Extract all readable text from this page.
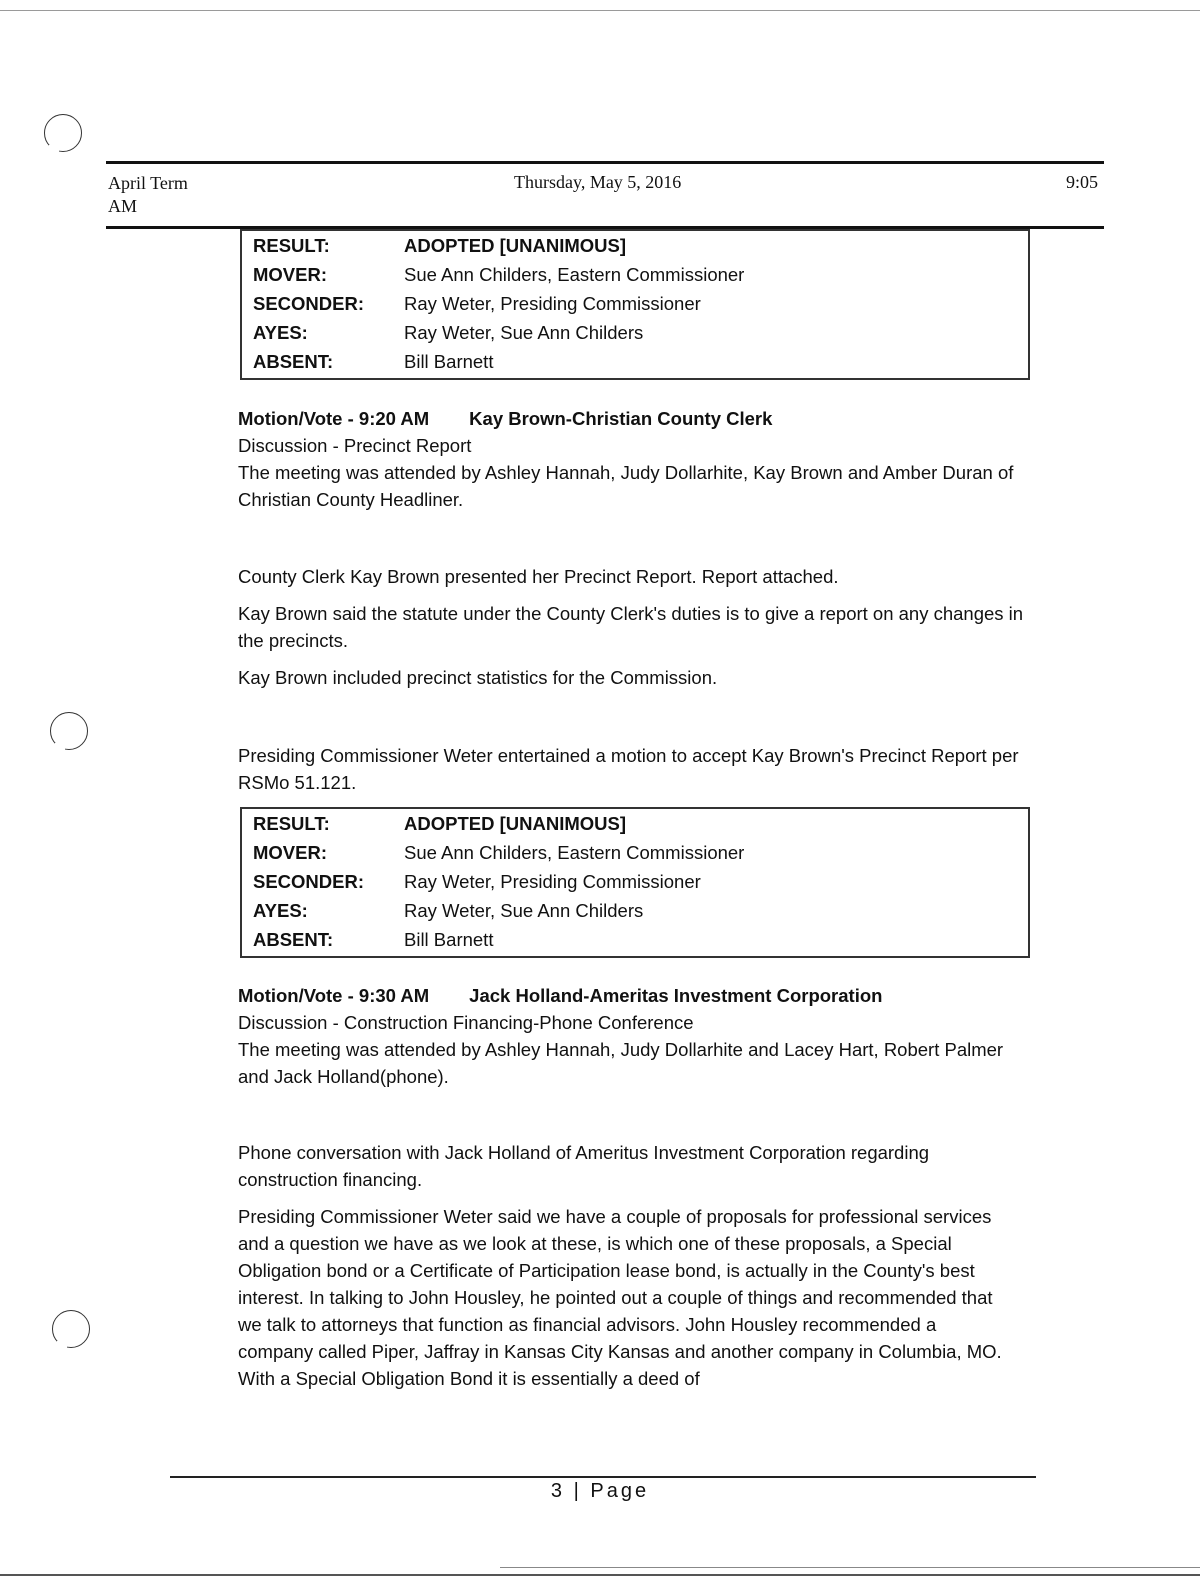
April Term
AM
Thursday, May 5, 2016	9:05
RESULT:	ADOPTED [UNANIMOUS]
MOVER:	Sue Ann Childers, Eastern Commissioner
SECONDER: Ray Weter, Presiding Commissioner
AYES:	Ray Weter, Sue Ann Childers
ABSENT:	Bill Barnett
Motion/Vote - 9:20 AM Kay Brown-Christian County Clerk
Discussion - Precinct Report
The meeting was attended by Ashley Hannah, Judy Dollarhite, Kay Brown and Amber Duran of Christian County Headliner.
County Clerk Kay Brown presented her Precinct Report. Report attached.
Kay Brown said the statute under the County Clerk's duties is to give a report on any changes in the precincts.
Kay Brown included precinct statistics for the Commission.
Presiding Commissioner Weter entertained a motion to accept Kay Brown's Precinct Report per RSMo 51.121.
RESULT:	ADOPTED [UNANIMOUS]
MOVER:	Sue Ann Childers, Eastern Commissioner
SECONDER: Ray Weter, Presiding Commissioner
AYES:	Ray Weter, Sue Ann Childers
ABSENT:	Bill Barnett
Motion/Vote - 9:30 AM Jack Holland-Ameritas Investment Corporation
Discussion - Construction Financing-Phone Conference
The meeting was attended by Ashley Hannah, Judy Dollarhite and Lacey Hart, Robert Palmer and Jack Holland(phone).
Phone conversation with Jack Holland of Ameritus Investment Corporation regarding construction financing.
Presiding Commissioner Weter said we have a couple of proposals for professional services and a question we have as we look at these, is which one of these proposals, a Special Obligation bond or a Certificate of Participation lease bond, is actually in the County's best interest. In talking to John Housley, he pointed out a couple of things and recommended that we talk to attorneys that function as financial advisors. John Housley recommended a company called Piper, Jaffray in Kansas City Kansas and another company in Columbia, MO. With a Special Obligation Bond it is essentially a deed of
3 | Page
